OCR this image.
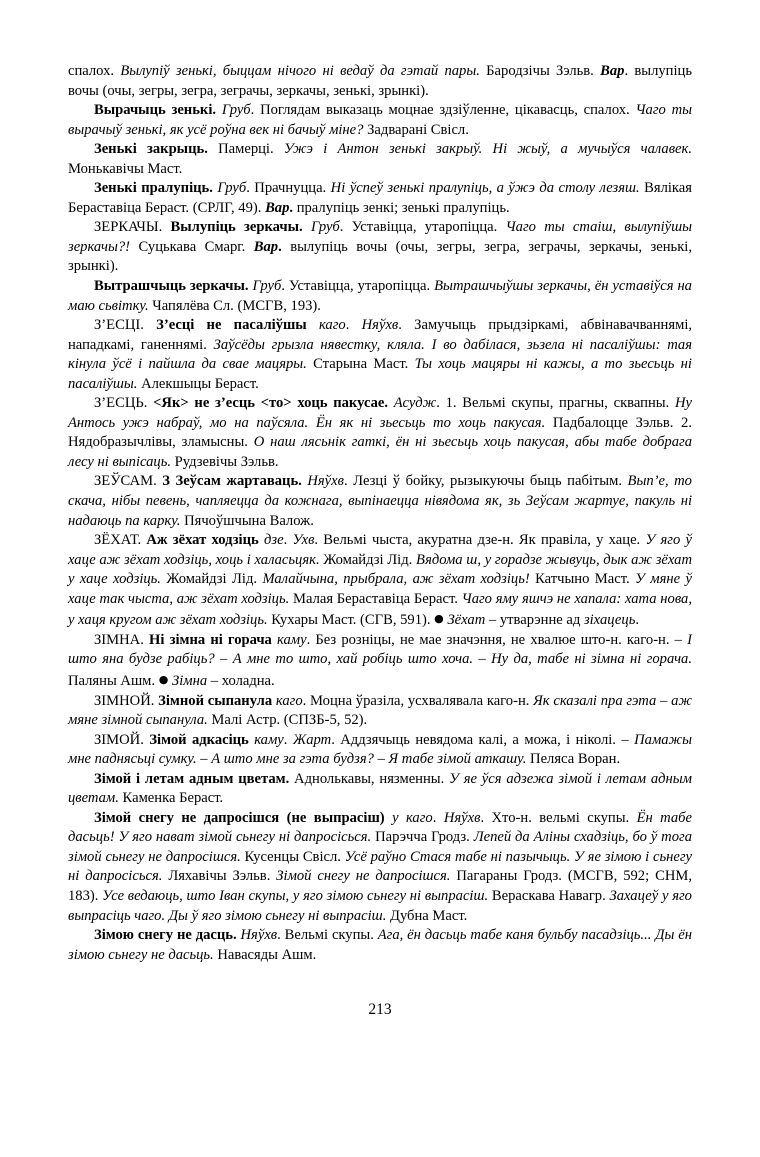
спалох. Вылупіў зенькі, быццам нічого ні ведаў да гэтай пары. Бародзічы Зэльв. Вар. вылупіць вочы (очы, зегры, зегра, зеграчы, зеркачы, зенькі, зрынкі).

Вырачыць зенькі. Груб. Поглядам выказаць моцнае здзіўленне, цікавасць, спалох. Чаго ты вырачыў зенькі, як усё роўна век ні бачыў міне? Задварані Свісл.

Зенькі закрыць. Памерці. Ужэ і Антон зенькі закрыў. Ні жыў, а мучыўся чалавек. Монькавічы Маст.

Зенькі пралупіць. Груб. Прачнуцца. Ні ўспеў зенькі пралупіць, а ўжэ да столу лезяш. Вялікая Бераставіца Бераст. (СРЛГ, 49). Вар. пралупіць зенкі; зенькі пралупіць.

ЗЕРКАЧЫ. Вылупіць зеркачы. Груб. Уставіцца, утаропіцца. Чаго ты стаіш, вылупіўшы зеркачы?! Суцькава Смарг. Вар. вылупіць вочы (очы, зегры, зегра, зеграчы, зеркачы, зенькі, зрынкі).

Вытрашчыць зеркачы. Груб. Уставіцца, утаропіцца. Вытрашчыўшы зеркачы, ён уставіўся на маю сьвітку. Чапялёва Сл. (МСГВ, 193).

З’ЕСЦІ. З’есці не пасаліўшы каго. Няўхв. Замучыць прыдзіркамі, абвінавачваннямі, нападкамі, ганеннямі. Заўсёды грызла нявестку, кляла. І во дабілася, зьзела ні пасаліўшы: тая кінула ўсё і пайшла да свае мацяры. Старына Маст. Ты хоць мацяры ні кажы, а то зьесьць ні пасаліўшы. Алекшыцы Бераст.

З’ЕСЦЬ. <Як> не з’есць <то> хоць пакусае. Асудж. 1. Вельмі скупы, прагны, сквапны. Ну Антось ужэ набраў, мо на паўсяла. Ён як ні зьесьць то хоць пакусая. Падбалоцце Зэльв. 2. Нядобразычлівы, зламысны. О наш лясьнік гаткі, ён ні зьесьць хоць пакусая, абы табе добрага лесу ні выпісаць. Рудзевічы Зэльв.

ЗЕЎСАМ. З Зеўсам жартаваць. Няўхв. Лезці ў бойку, рызыкуючы быць пабітым. Вып’е, то скача, нібы певень, чапляецца да кожнага, выпінаецца нівядома як, зь Зеўсам жартуе, пакуль ні надаюць па карку. Пячоўшчына Валож.

ЗЁХАТ. Аж зёхат ходзіць дзе. Ухв. Вельмі чыста, акуратна дзе-н. Як правіла, у хаце. У яго ў хаце аж зёхат ходзіць, хоць і халасьцяк. Жомайдзі Лід. Вядома ш, у горадзе жывуць, дык аж зёхат у хаце ходзіць. Жомайдзі Лід. Малайчына, прыбрала, аж зёхат ходзіць! Катчыно Маст. У мяне ў хаце так чыста, аж зёхат ходзіць. Малая Бераставіца Бераст. Чаго яму яшчэ не хапала: хата нова, у хаця кругом аж зёхат ходзіць. Кухары Маст. (СГВ, 591). ● Зёхат – утварэнне ад зіхацець.

ЗІМНА. Ні зімна ні горача каму. Без розніцы, не мае значэння, не хвалюе што-н. каго-н. – І што яна будзе рабіць? – А мне то што, хай робіць што хоча. – Ну да, табе ні зімна ні горача. Паляны Ашм. ● Зімна – холадна.

ЗІМНОЙ. Зімной сыпанула каго. Моцна ўразіла, усхвалявала каго-н. Як сказалі пра гэта – аж мяне зімной сыпанула. Малі Астр. (СПЗБ-5, 52).

ЗІМОЙ. Зімой адкасіць каму. Жарт. Аддзячыць невядома калі, а можа, і ніколі. – Памажы мне паднясьці сумку. – А што мне за гэта будзя? – Я табе зімой аткашу. Пеляса Воран.

Зімой і летам адным цветам. Аднолькавы, нязменны. У яе ўся адзежа зімой і летам адным цветам. Каменка Бераст.

Зімой снегу не дапросішся (не выпрасіш) у каго. Няўхв. Хто-н. вельмі скупы. Ён табе дасьць! У яго нават зімой сьнегу ні дапросісься. Парэчча Гродз. Лепей да Аліны схадзіць, бо ў тога зімой сьнегу не дапросішся. Кусенцы Свісл. Усё раўно Стася табе ні пазычыць. У яе зімою і сьнегу ні дапросісься. Ляхавічы Зэльв. Зімой снегу не дапросішся. Пагараны Гродз. (МСГВ, 592; СНМ, 183). Усе ведаюць, што Іван скупы, у яго зімою сьнегу ні выпрасіш. Вераскава Навагр. Захацеў у яго выпрасіць чаго. Ды ў яго зімою сьнегу ні выпрасіш. Дубна Маст.

Зімою снегу не дасць. Няўхв. Вельмі скупы. Ага, ён дасьць табе каня бульбу пасадзіць... Ды ён зімою сьнегу не дасьць. Навасяды Ашм.

213
